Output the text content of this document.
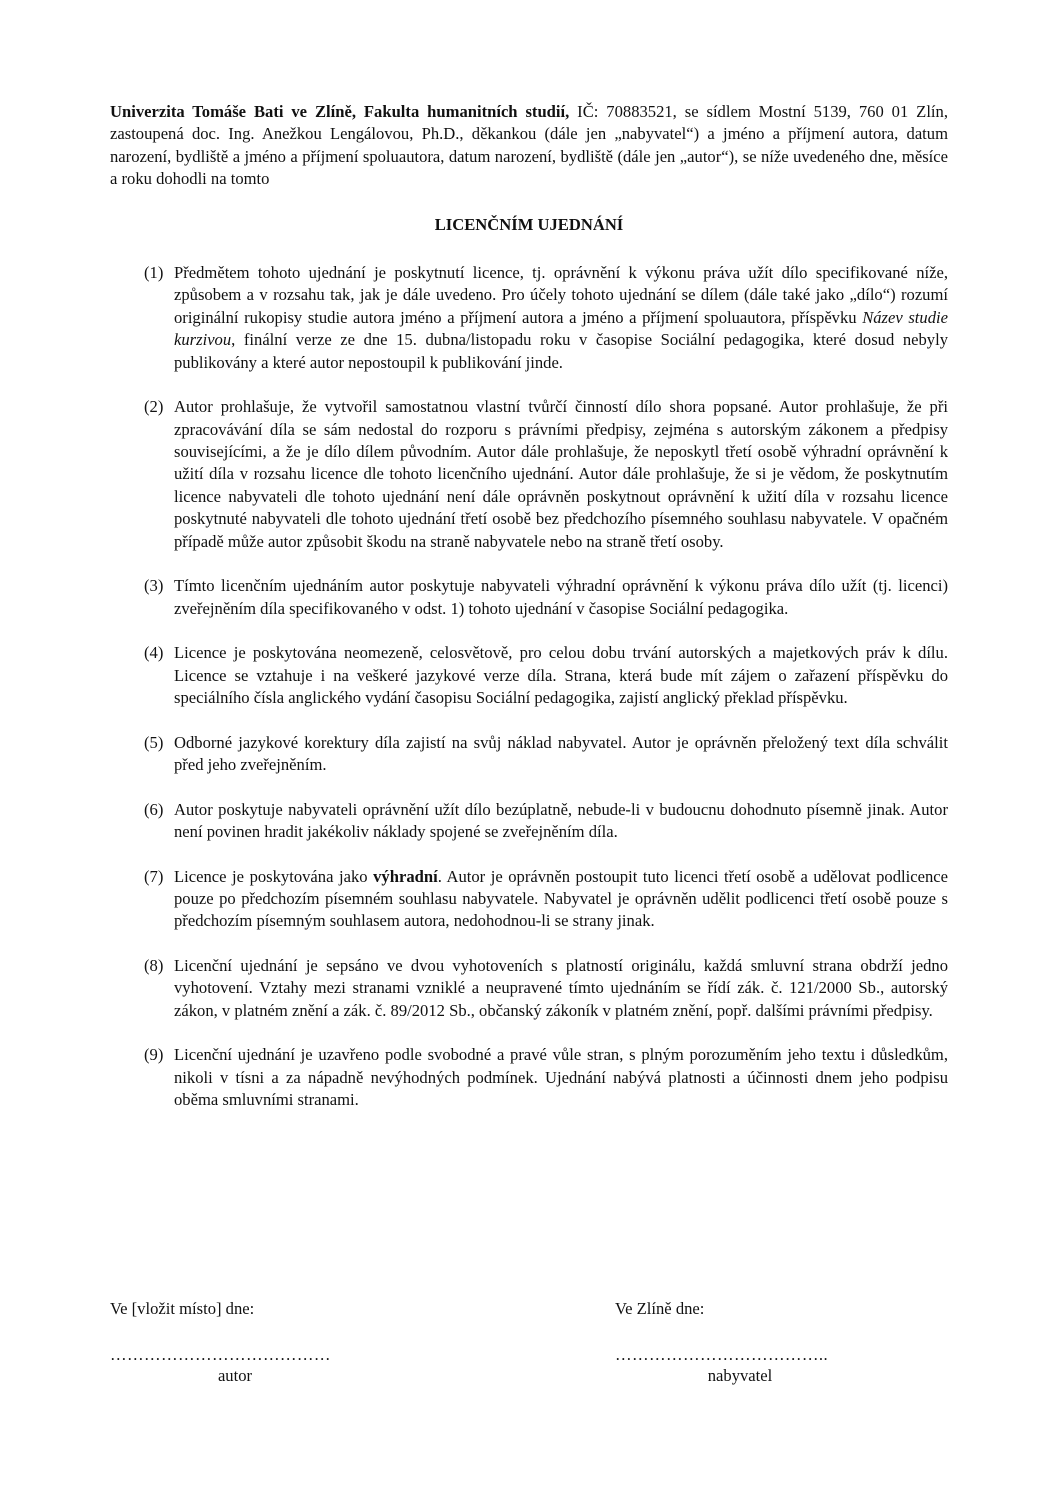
Univerzita Tomáše Bati ve Zlíně, Fakulta humanitních studií, IČ: 70883521, se sídlem Mostní 5139, 760 01 Zlín, zastoupená doc. Ing. Anežkou Lengálovou, Ph.D., děkankou (dále jen „nabyvatel“) a jméno a příjmení autora, datum narození, bydliště a jméno a příjmení spoluautora, datum narození, bydliště (dále jen „autor“), se níže uvedeného dne, měsíce a roku dohodli na tomto

LICENČNÍM UJEDNÁNÍ
(1) Předmětem tohoto ujednání je poskytnutí licence, tj. oprávnění k výkonu práva užít dílo specifikované níže, způsobem a v rozsahu tak, jak je dále uvedeno. Pro účely tohoto ujednání se dílem (dále také jako „dílo“) rozumí originální rukopisy studie autora jméno a příjmení autora a jméno a příjmení spoluautora, příspěvku Název studie kurzivou, finální verze ze dne 15. dubna/listopadu roku v časopise Sociální pedagogika, které dosud nebyly publikovány a které autor nepostoupil k publikování jinde.
(2) Autor prohlašuje, že vytvořil samostatnou vlastní tvůrčí činností dílo shora popsané. Autor prohlašuje, že při zpracovávání díla se sám nedostal do rozporu s právními předpisy, zejména s autorským zákonem a předpisy souvisejícími, a že je dílo dílem původním. Autor dále prohlašuje, že neposkytl třetí osobě výhradní oprávnění k užití díla v rozsahu licence dle tohoto licenčního ujednání. Autor dále prohlašuje, že si je vědom, že poskytnutím licence nabyvateli dle tohoto ujednání není dále oprávněn poskytnout oprávnění k užití díla v rozsahu licence poskytnuté nabyvateli dle tohoto ujednání třetí osobě bez předchozího písemného souhlasu nabyvatele. V opačném případě může autor způsobit škodu na straně nabyvatele nebo na straně třetí osoby.
(3) Tímto licenčním ujednáním autor poskytuje nabyvateli výhradní oprávnění k výkonu práva dílo užít (tj. licenci) zveřejněním díla specifikovaného v odst. 1) tohoto ujednání v časopise Sociální pedagogika.
(4) Licence je poskytována neomezeně, celosvětově, pro celou dobu trvání autorských a majetkových práv k dílu. Licence se vztahuje i na veškeré jazykové verze díla. Strana, která bude mít zájem o zařazení příspěvku do speciálního čísla anglického vydání časopisu Sociální pedagogika, zajistí anglický překlad příspěvku.
(5) Odborné jazykové korektury díla zajistí na svůj náklad nabyvatel. Autor je oprávněn přeložený text díla schválit před jeho zveřejněním.
(6) Autor poskytuje nabyvateli oprávnění užít dílo bezúplatně, nebude-li v budoucnu dohodnuto písemně jinak. Autor není povinen hradit jakékoliv náklady spojené se zveřejněním díla.
(7) Licence je poskytována jako výhradní. Autor je oprávněn postoupit tuto licenci třetí osobě a udělovat podlicence pouze po předchozím písemném souhlasu nabyvatele. Nabyvatel je oprávněn udělit podlicenci třetí osobě pouze s předchozím písemným souhlasem autora, nedohodnou-li se strany jinak.
(8) Licenční ujednání je sepsáno ve dvou vyhotoveních s platností originálu, každá smluvní strana obdrží jedno vyhotovení. Vztahy mezi stranami vzniklé a neupravené tímto ujednáním se řídí zák. č. 121/2000 Sb., autorský zákon, v platném znění a zák. č. 89/2012 Sb., občanský zákoník v platném znění, popř. dalšími právními předpisy.
(9) Licenční ujednání je uzavřeno podle svobodné a pravé vůle stran, s plným porozuměním jeho textu i důsledkům, nikoli v tísni a za nápadně nevýhodných podmínek. Ujednání nabývá platnosti a účinnosti dnem jeho podpisu oběma smluvními stranami.
Ve [vložit místo] dne:
…………………………………
autor
Ve Zlíně dne:
………………………………..
nabyvatel
